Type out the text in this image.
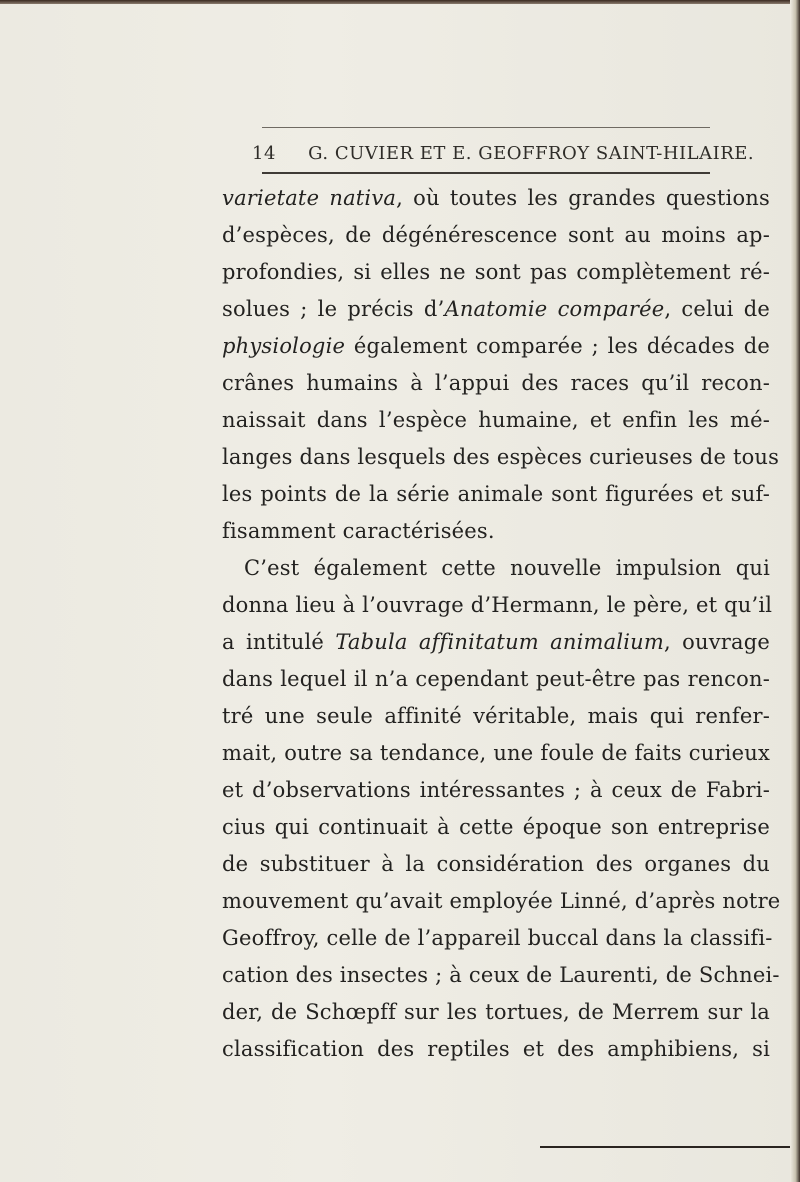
14 G. CUVIER ET E. GEOFFROY SAINT-HILAIRE.
varietate nativa, où toutes les grandes questions
d’espèces, de dégénérescence sont au moins ap-
profondies, si elles ne sont pas complètement ré-
solues ; le précis d’Anatomie comparée, celui de
physiologie également comparée ; les décades de
crânes humains à l’appui des races qu’il recon-
naissait dans l’espèce humaine, et enfin les mé-
langes dans lesquels des espèces curieuses de tous
les points de la série animale sont figurées et suf-
fisamment caractérisées.
C’est également cette nouvelle impulsion qui
donna lieu à l’ouvrage d’Hermann, le père, et qu’il
a intitulé Tabula affinitatum animalium, ouvrage
dans lequel il n’a cependant peut-être pas rencon-
tré une seule affinité véritable, mais qui renfer-
mait, outre sa tendance, une foule de faits curieux
et d’observations intéressantes ; à ceux de Fabri-
cius qui continuait à cette époque son entreprise
de substituer à la considération des organes du
mouvement qu’avait employée Linné, d’après notre
Geoffroy, celle de l’appareil buccal dans la classifi-
cation des insectes ; à ceux de Laurenti, de Schnei-
der, de Schœpff sur les tortues, de Merrem sur la
classification des reptiles et des amphibiens, si
